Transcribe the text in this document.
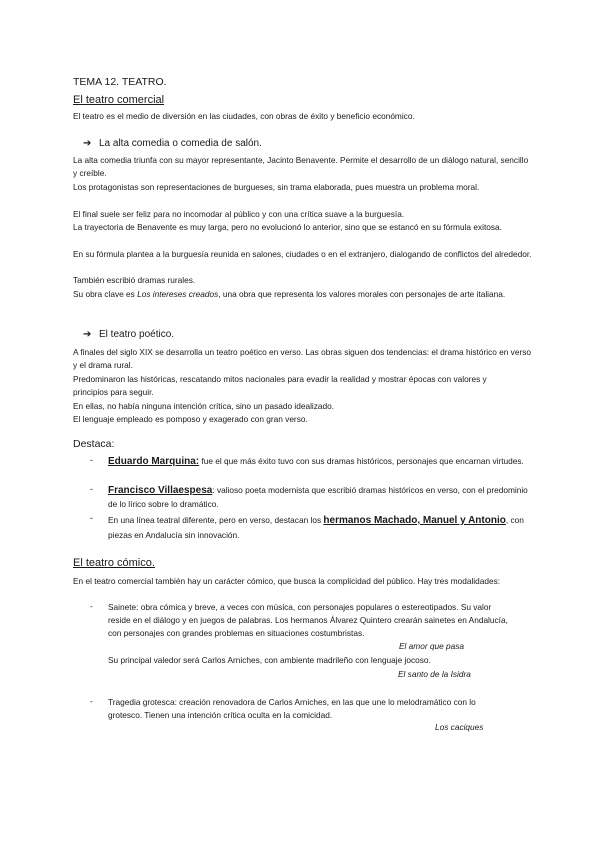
TEMA 12. TEATRO.
El teatro comercial
El teatro es el medio de diversión en las ciudades, con obras de éxito y beneficio económico.
➔ La alta comedia o comedia de salón.
La alta comedia triunfa con su mayor representante, Jacinto Benavente. Permite el desarrollo de un diálogo natural, sencillo y creíble.
Los protagonistas son representaciones de burgueses, sin trama elaborada, pues muestra un problema moral.
El final suele ser feliz para no incomodar al público y con una crítica suave a la burguesía.
La trayectoria de Benavente es muy larga, pero no evolucionó lo anterior, sino que se estancó en su fórmula exitosa.
En su fórmula plantea a la burguesía reunida en salones, ciudades o en el extranjero, dialogando de conflictos del alrededor.
También escribió dramas rurales.
Su obra clave es Los intereses creados, una obra que representa los valores morales con personajes de arte italiana.
➔ El teatro poético.
A finales del siglo XIX se desarrolla un teatro poético en verso. Las obras siguen dos tendencias: el drama histórico en verso y el drama rural.
Predominaron las históricas, rescatando mitos nacionales para evadir la realidad y mostrar épocas con valores y principios para seguir.
En ellas, no había ninguna intención crítica, sino un pasado idealizado.
El lenguaje empleado es pomposo y exagerado con gran verso.
Destaca:
- Eduardo Marquina: fue el que más éxito tuvo con sus dramas históricos, personajes que encarnan virtudes.
- Francisco Villaespesa: valioso poeta modernista que escribió dramas históricos en verso, con el predominio de lo lírico sobre lo dramático.
- En una línea teatral diferente, pero en verso, destacan los hermanos Machado, Manuel y Antonio, con piezas en Andalucía sin innovación.
El teatro cómico.
En el teatro comercial también hay un carácter cómico, que busca la complicidad del público. Hay tres modalidades:
- Sainete: obra cómica y breve, a veces con música, con personajes populares o estereotipados. Su valor reside en el diálogo y en juegos de palabras. Los hermanos Álvarez Quintero crearán sainetes en Andalucía, con personajes con grandes problemas en situaciones costumbristas.
El amor que pasa
Su principal valedor será Carlos Arniches, con ambiente madrileño con lenguaje jocoso.
El santo de la Isidra
- Tragedia grotesca: creación renovadora de Carlos Arniches, en las que une lo melodramático con lo grotesco. Tienen una intención crítica oculta en la comicidad.
Los caciques
